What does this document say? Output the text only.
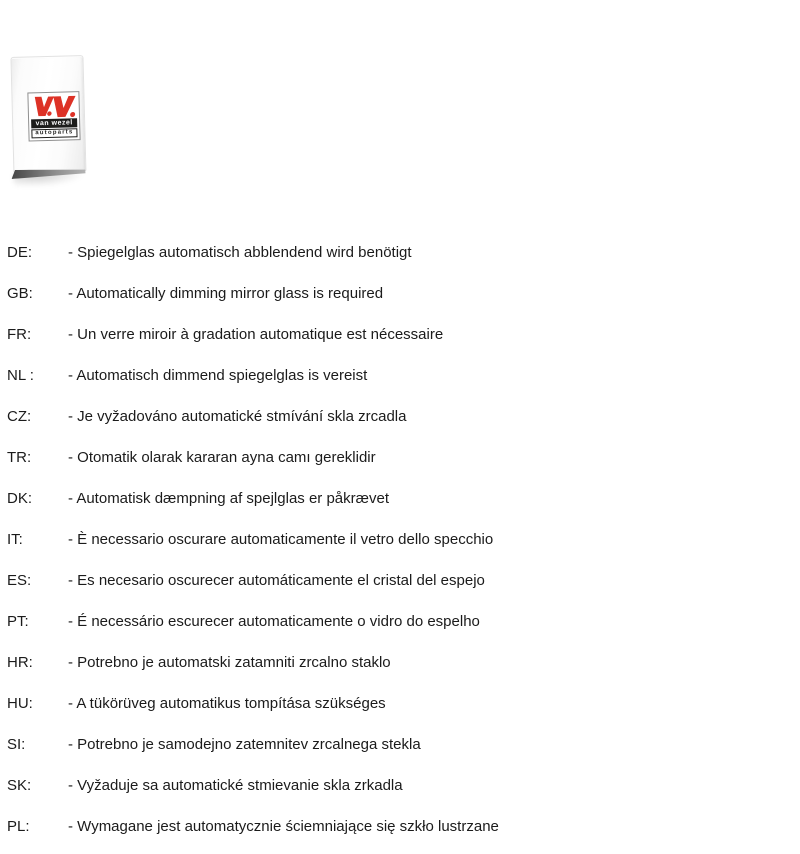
van wezel
autoparts
DE:	- Spiegelglas automatisch abblendend wird benötigt
GB:	- Automatically dimming mirror glass is required
FR:	- Un verre miroir à gradation automatique est nécessaire
NL :	- Automatisch dimmend spiegelglas is vereist
CZ:	- Je vyžadováno automatické stmívání skla zrcadla
TR:	- Otomatik olarak kararan ayna camı gereklidir
DK:	- Automatisk dæmpning af spejlglas er påkrævet
IT:	- È necessario oscurare automaticamente il vetro dello specchio
ES:	- Es necesario oscurecer automáticamente el cristal del espejo
PT:	- É necessário escurecer automaticamente o vidro do espelho
HR:	- Potrebno je automatski zatamniti zrcalno staklo
HU:	- A tükörüveg automatikus tompítása szükséges
SI:	- Potrebno je samodejno zatemnitev zrcalnega stekla
SK:	- Vyžaduje sa automatické stmievanie skla zrkadla
PL:	- Wymagane jest automatycznie ściemniające się szkło lustrzane
